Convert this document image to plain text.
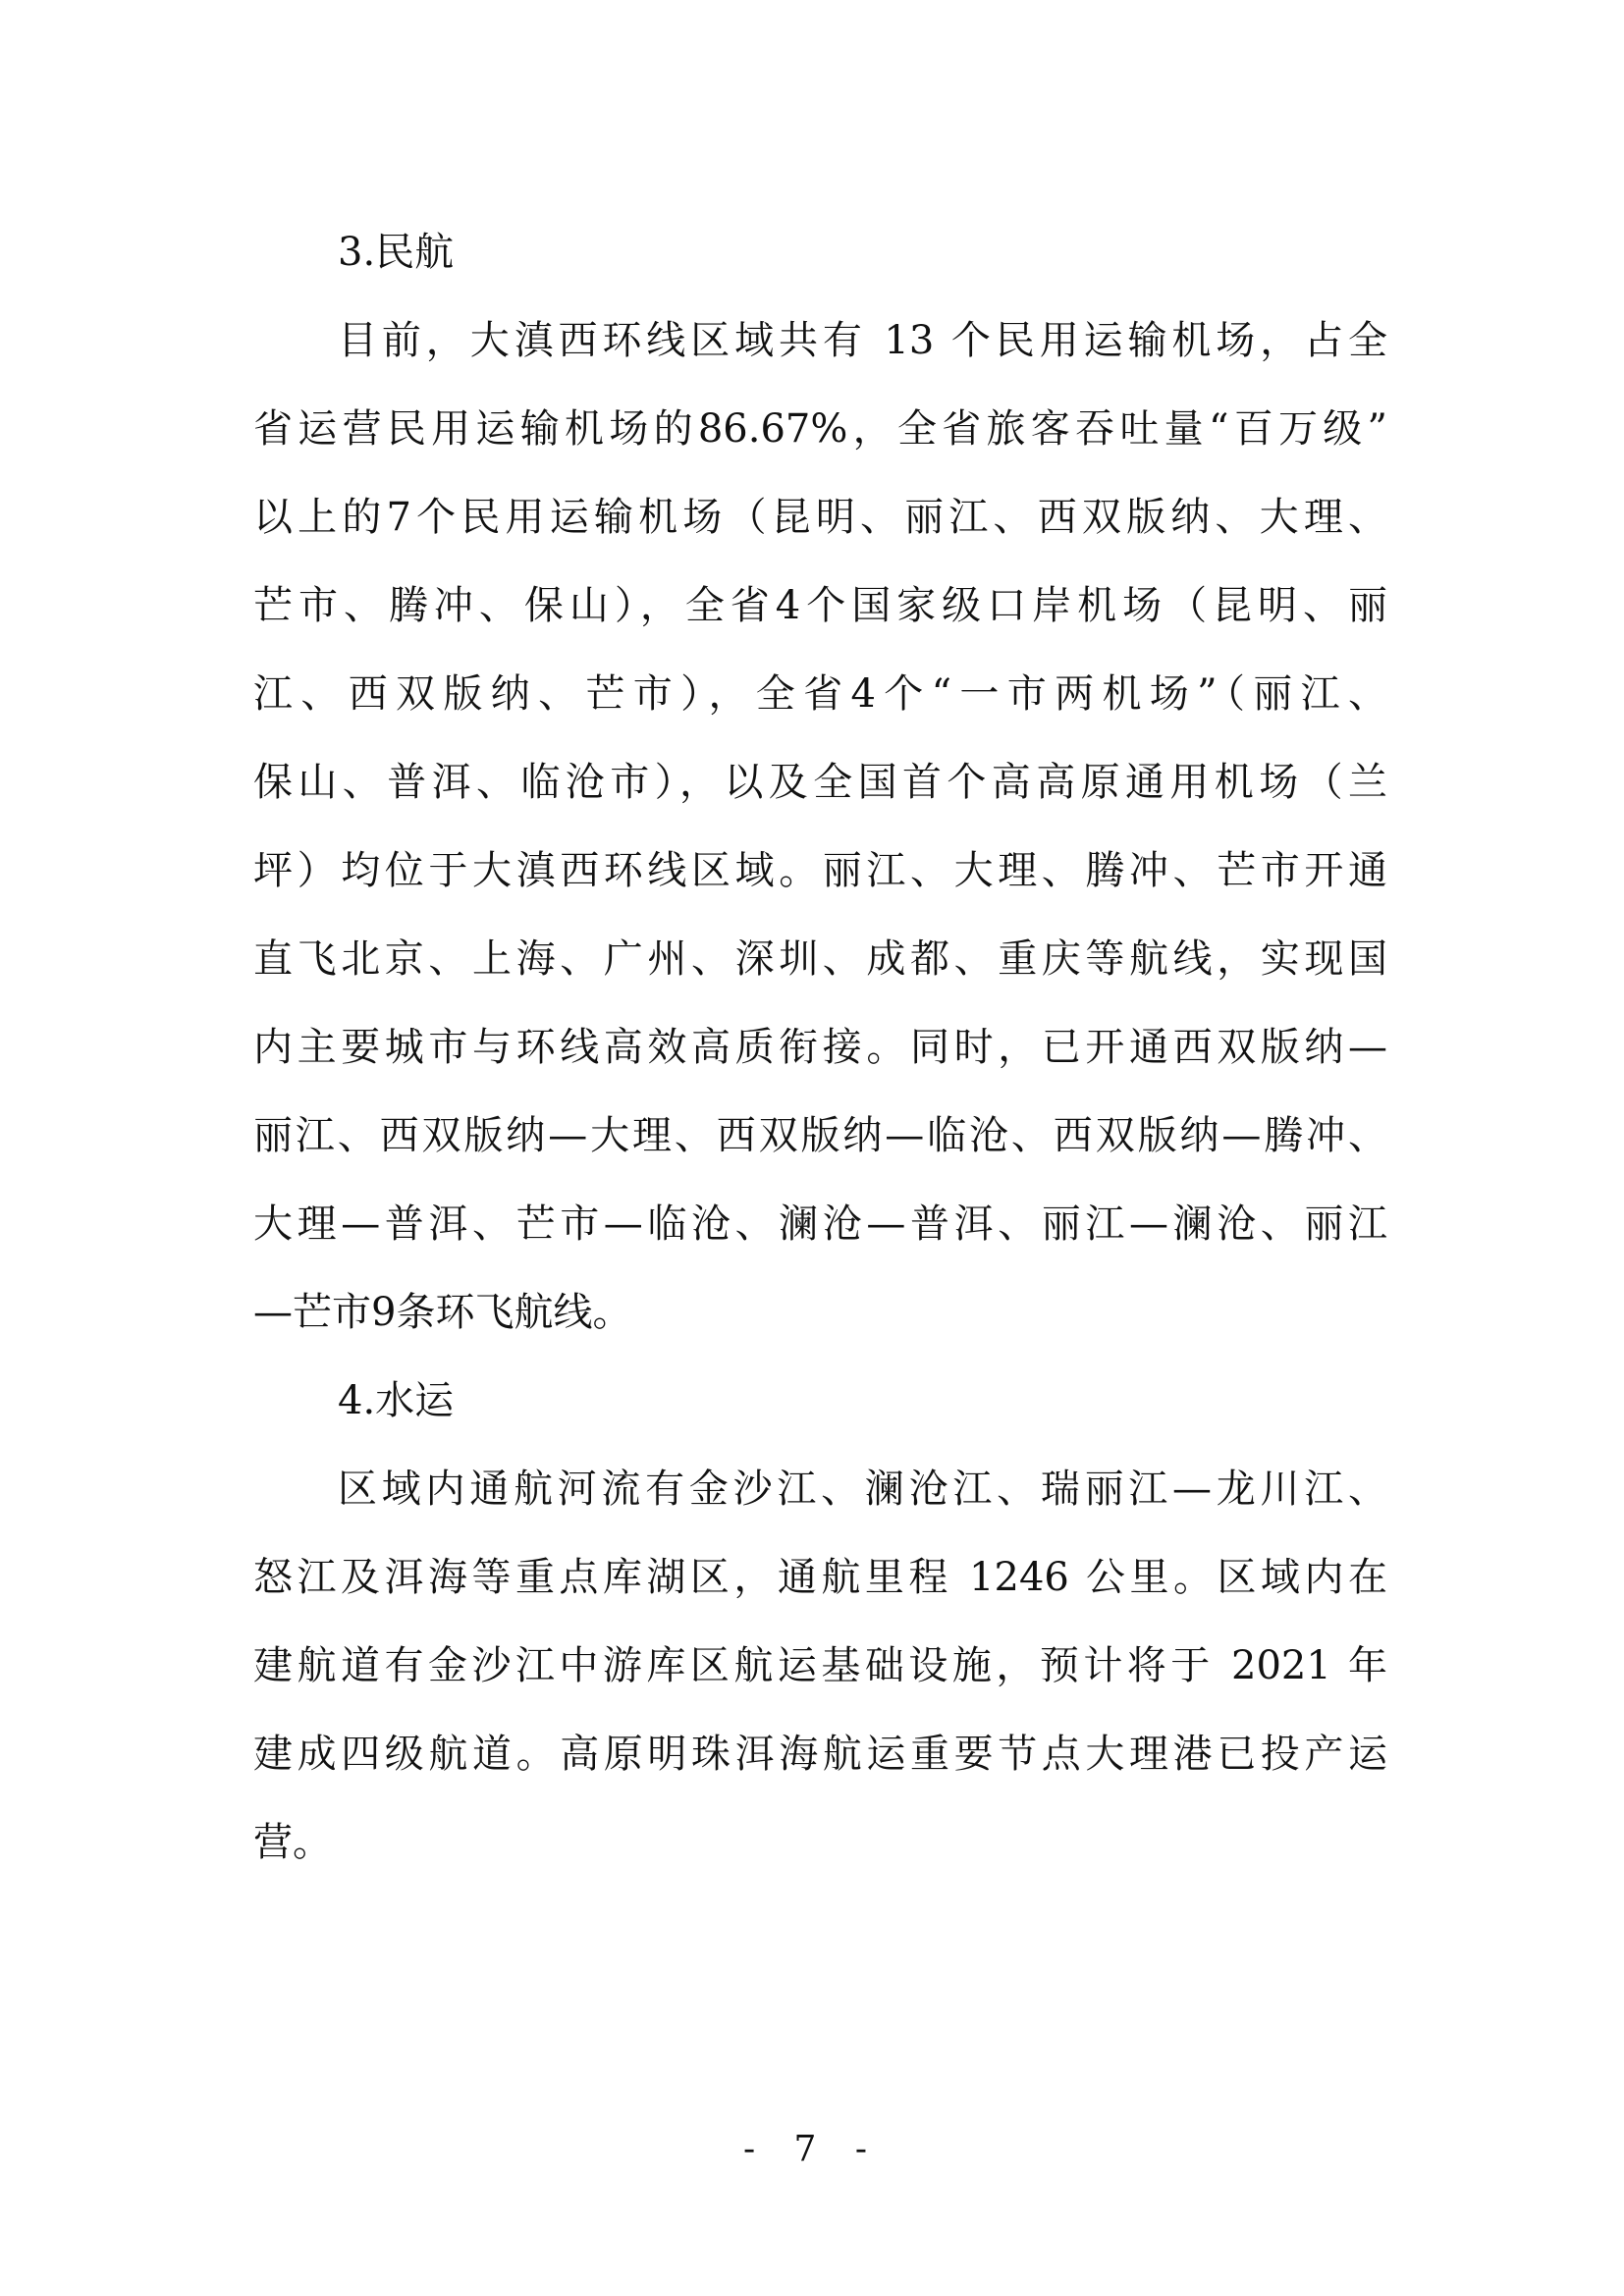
3.民航
目前，大滇西环线区域共有 13 个民用运输机场，占全
省运营民用运输机场的86.67%，全省旅客吞吐量“百万级”
以上的7个民用运输机场（昆明、丽江、西双版纳、大理、
芒市、腾冲、保山），全省4个国家级口岸机场（昆明、丽
江、西双版纳、芒市），全省4个“一市两机场”（丽江、
保山、普洱、临沧市），以及全国首个高高原通用机场（兰
坪）均位于大滇西环线区域。丽江、大理、腾冲、芒市开通
直飞北京、上海、广州、深圳、成都、重庆等航线，实现国
内主要城市与环线高效高质衔接。同时，已开通西双版纳—
丽江、西双版纳—大理、西双版纳—临沧、西双版纳—腾冲、
大理—普洱、芒市—临沧、澜沧—普洱、丽江—澜沧、丽江
—芒市9条环飞航线。
4.水运
区域内通航河流有金沙江、澜沧江、瑞丽江—龙川江、
怒江及洱海等重点库湖区，通航里程 1246 公里。区域内在
建航道有金沙江中游库区航运基础设施，预计将于 2021 年
建成四级航道。高原明珠洱海航运重要节点大理港已投产运
营。
- 7 -
